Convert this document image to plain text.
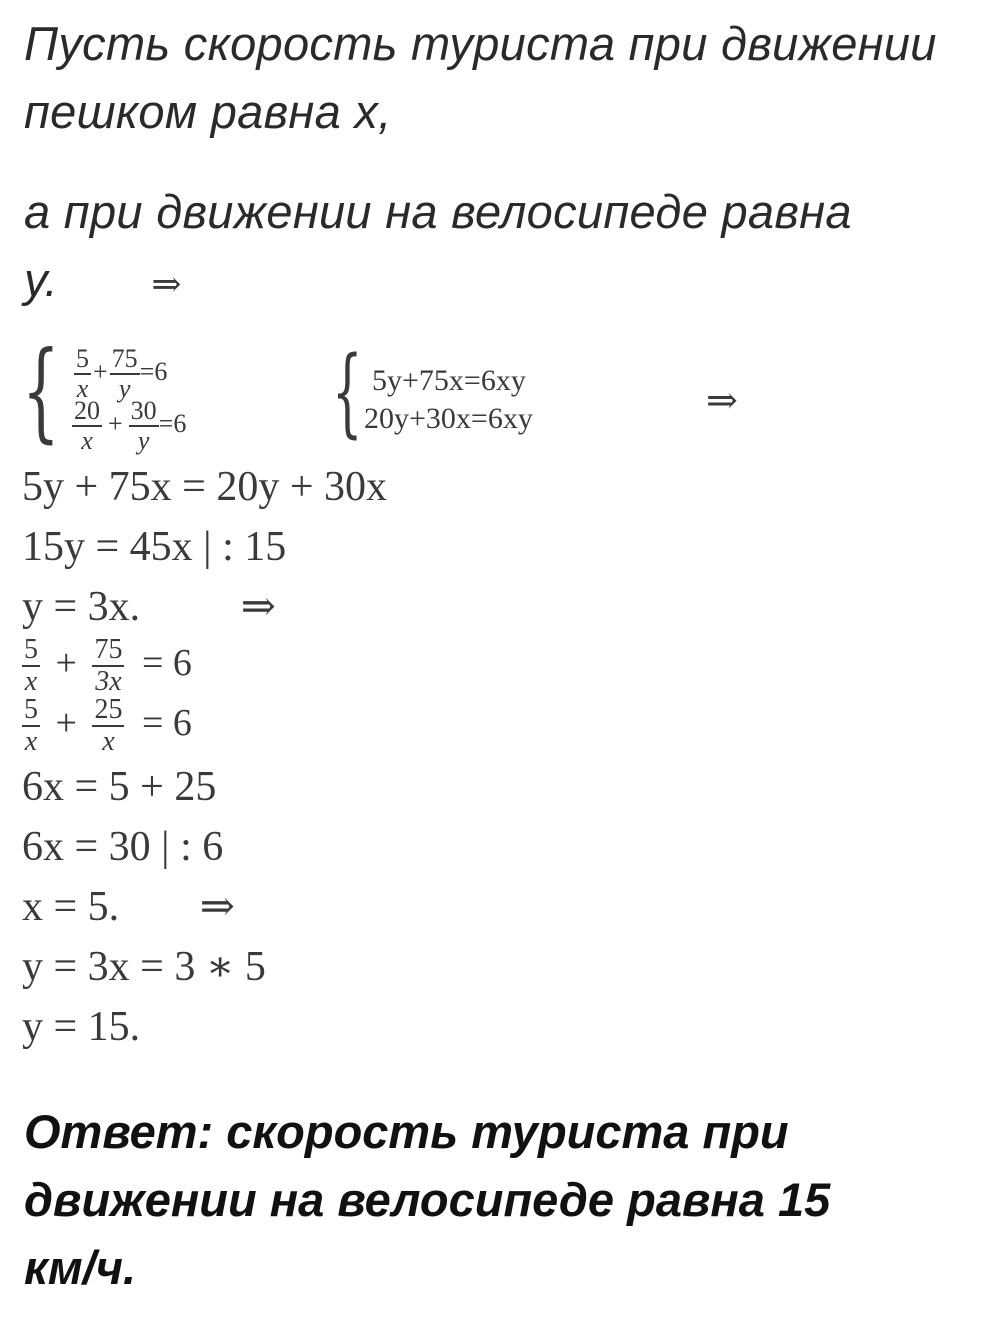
Пусть скорость туриста при движении
пешком равна х,
а при движении на велосипеде равна
у.	⇒
{ $\frac{5}{x} + \frac{75}{y} =6$
$\frac{20}{x} + \frac{30}{y} =6$ { 5y+75x=6xy
20y+30x=6xy	⇒
5y + 75x = 20y + 30x
15y = 45x | : 15
y = 3x. ⇒
$\frac{5}{x} + \frac{75}{3x} = 6$
$\frac{5}{x} + \frac{25}{x} = 6$
6x = 5 + 25
6x = 30 | : 6
x = 5. ⇒
y = 3x = 3 ∗ 5
y = 15.
Ответ: скорость туриста при
движении на велосипеде равна 15
км/ч.
